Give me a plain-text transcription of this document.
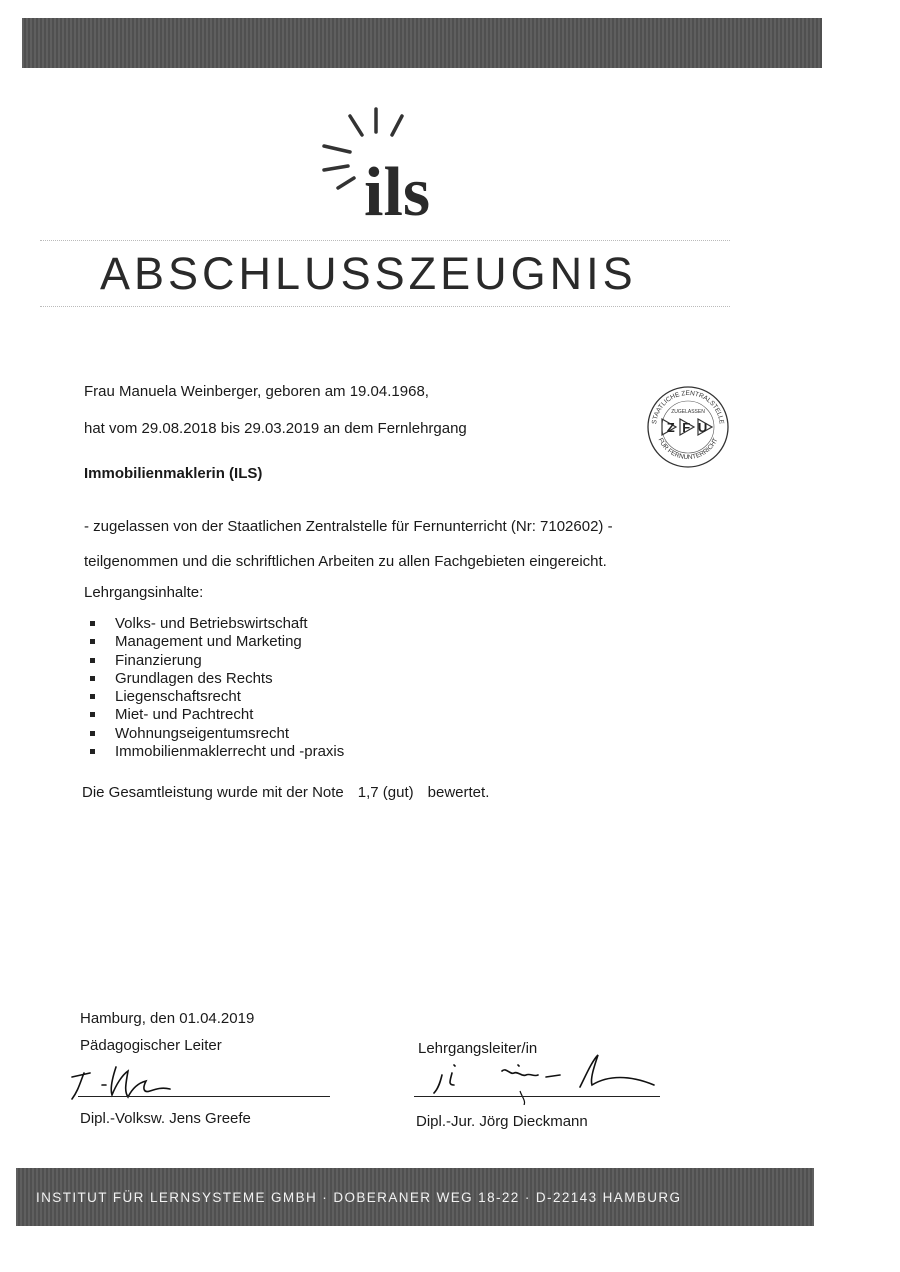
ils
ABSCHLUSSZEUGNIS
Frau Manuela Weinberger, geboren am 19.04.1968,
hat vom 29.08.2018 bis 29.03.2019 an dem Fernlehrgang
Immobilienmaklerin (ILS)
- zugelassen von der Staatlichen Zentralstelle für Fernunterricht (Nr: 7102602) -
teilgenommen und die schriftlichen Arbeiten zu allen Fachgebieten eingereicht.
Lehrgangsinhalte:
Volks- und Betriebswirtschaft
Management und Marketing
Finanzierung
Grundlagen des Rechts
Liegenschaftsrecht
Miet- und Pachtrecht
Wohnungseigentumsrecht
Immobilienmaklerrecht und -praxis
Die Gesamtleistung wurde mit der Note 1,7 (gut) bewertet.
STAATLICHE ZENTRALSTELLE
FÜR FERNUNTERRICHT
ZUGELASSEN
Z F U
Hamburg, den 01.04.2019
Pädagogischer Leiter	Lehrgangsleiter/in
Dipl.-Volksw. Jens Greefe	Dipl.-Jur. Jörg Dieckmann
INSTITUT FÜR LERNSYSTEME GMBH · DOBERANER WEG 18-22 · D-22143 HAMBURG
